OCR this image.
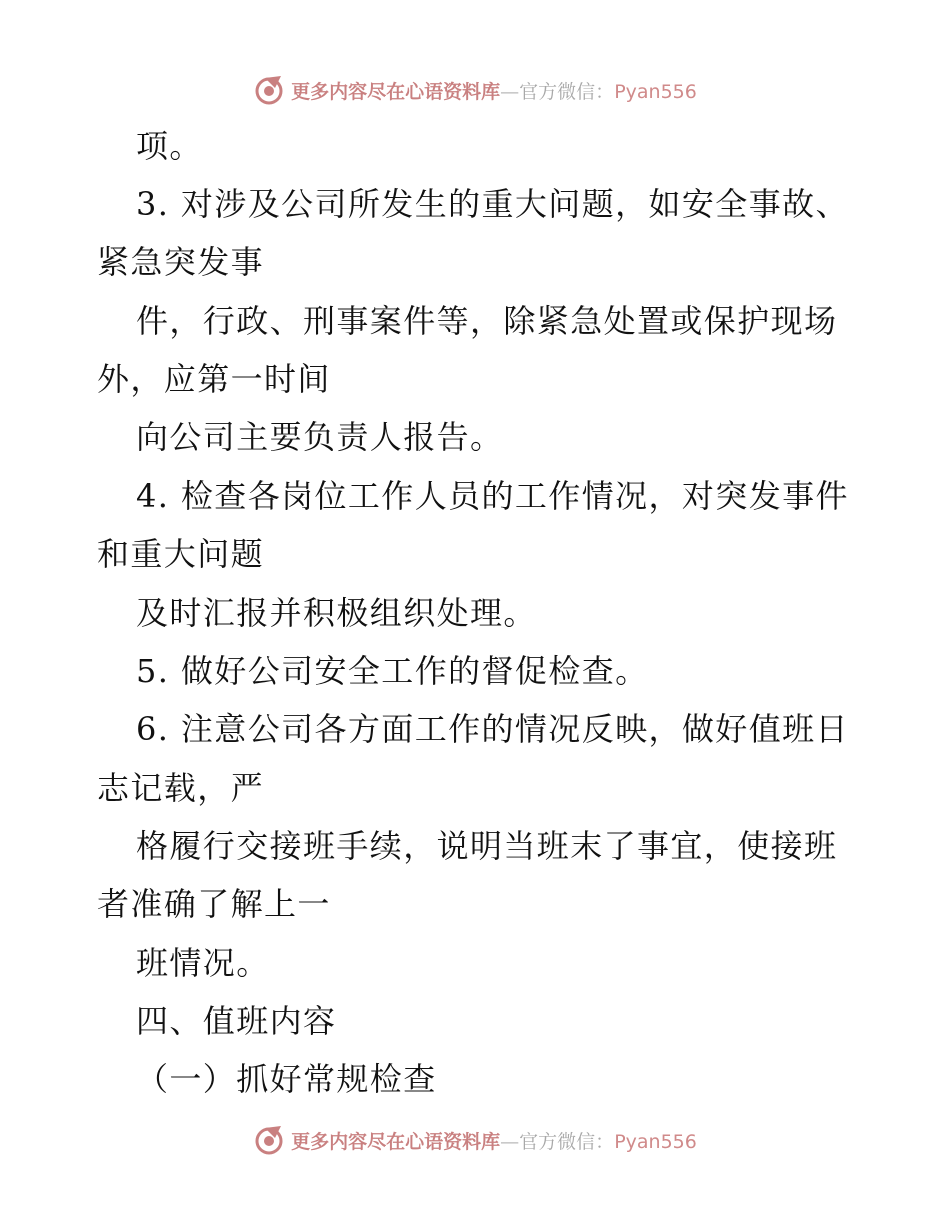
更多内容尽在心语资料库—官方微信：Pyan556
项。
3. 对涉及公司所发生的重大问题，如安全事故、
紧急突发事
件，行政、刑事案件等，除紧急处置或保护现场
外，应第一时间
向公司主要负责人报告。
4. 检查各岗位工作人员的工作情况，对突发事件
和重大问题
及时汇报并积极组织处理。
5. 做好公司安全工作的督促检查。
6. 注意公司各方面工作的情况反映，做好值班日
志记载，严
格履行交接班手续，说明当班末了事宜，使接班
者准确了解上一
班情况。
四、值班内容
（一）抓好常规检查
更多内容尽在心语资料库—官方微信：Pyan556
